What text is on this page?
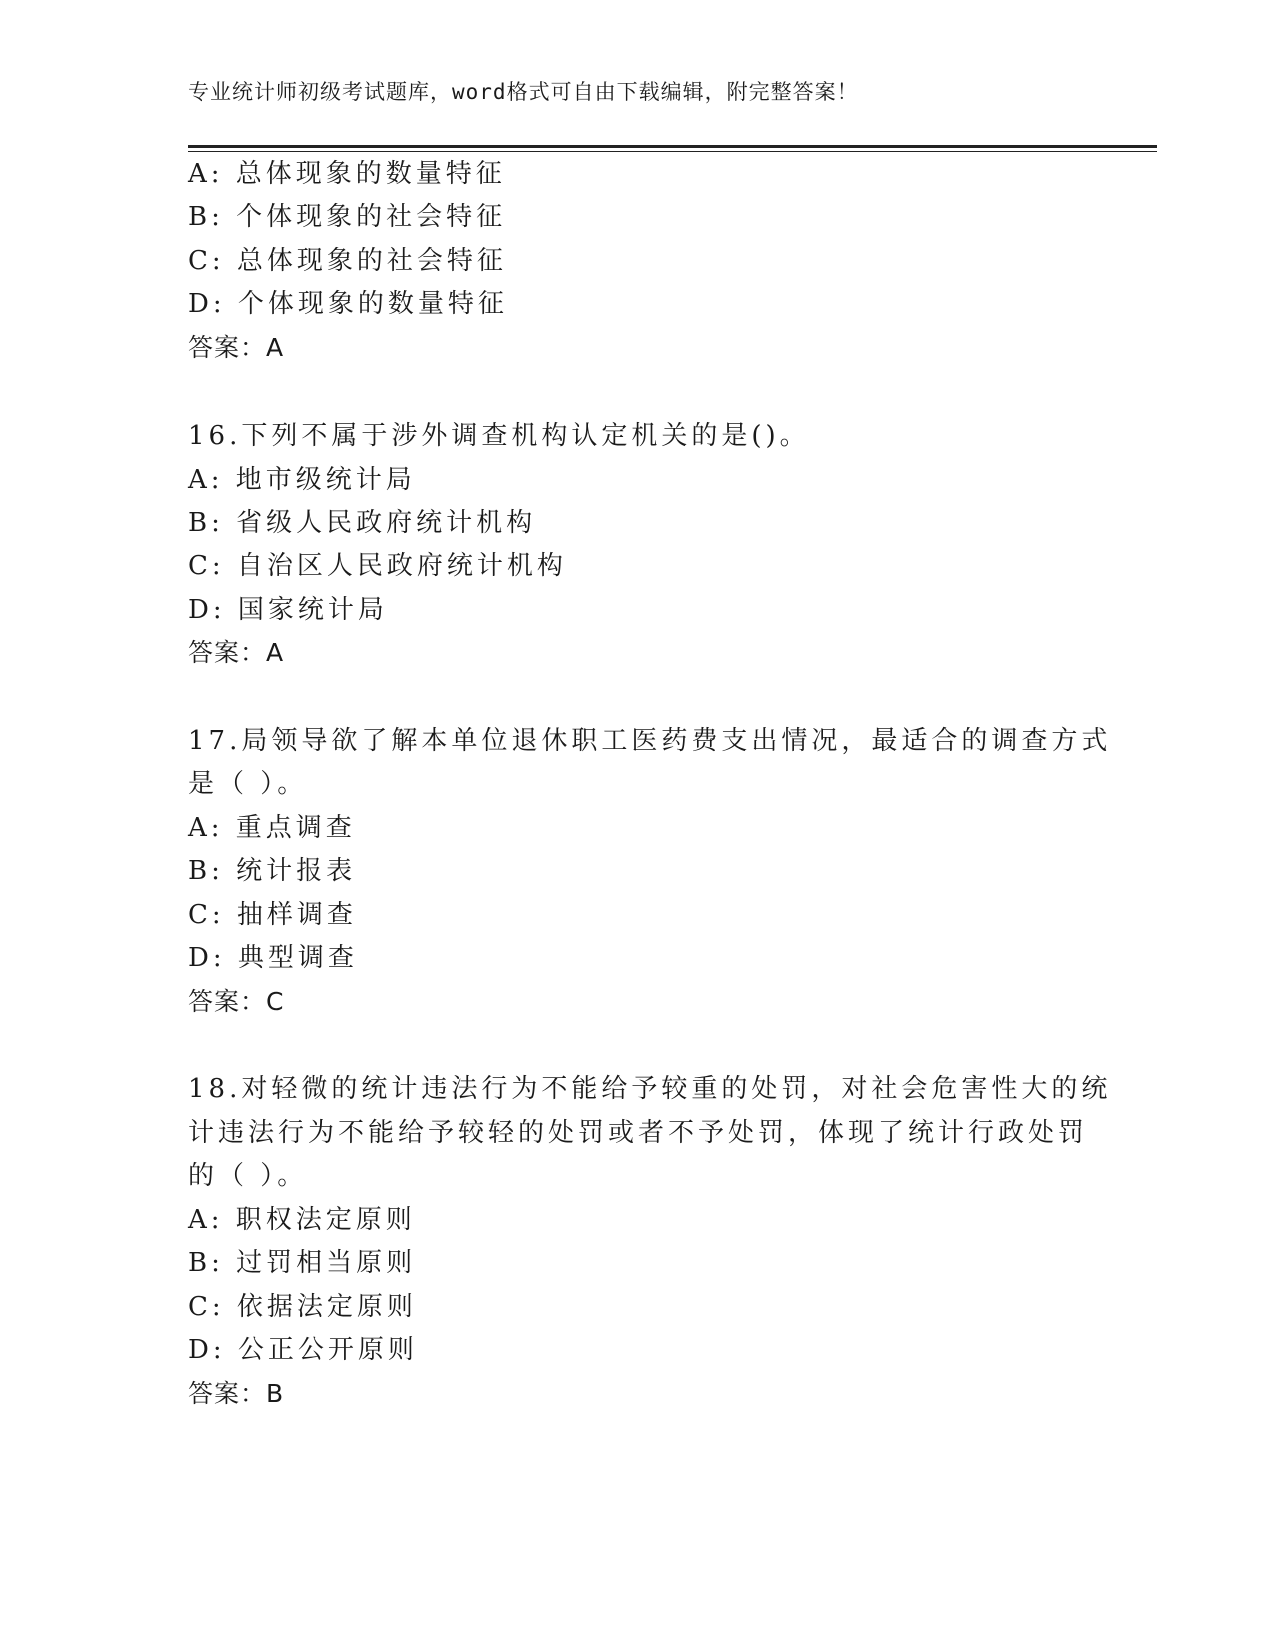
专业统计师初级考试题库，word格式可自由下载编辑，附完整答案！
A: 总体现象的数量特征
B: 个体现象的社会特征
C: 总体现象的社会特征
D: 个体现象的数量特征
答案：A
16.下列不属于涉外调查机构认定机关的是()。
A: 地市级统计局
B: 省级人民政府统计机构
C: 自治区人民政府统计机构
D: 国家统计局
答案：A
17.局领导欲了解本单位退休职工医药费支出情况，最适合的调查方式
是（ ）。
A: 重点调查
B: 统计报表
C: 抽样调查
D: 典型调查
答案：C
18.对轻微的统计违法行为不能给予较重的处罚，对社会危害性大的统
计违法行为不能给予较轻的处罚或者不予处罚，体现了统计行政处罚
的（ ）。
A: 职权法定原则
B: 过罚相当原则
C: 依据法定原则
D: 公正公开原则
答案：B
